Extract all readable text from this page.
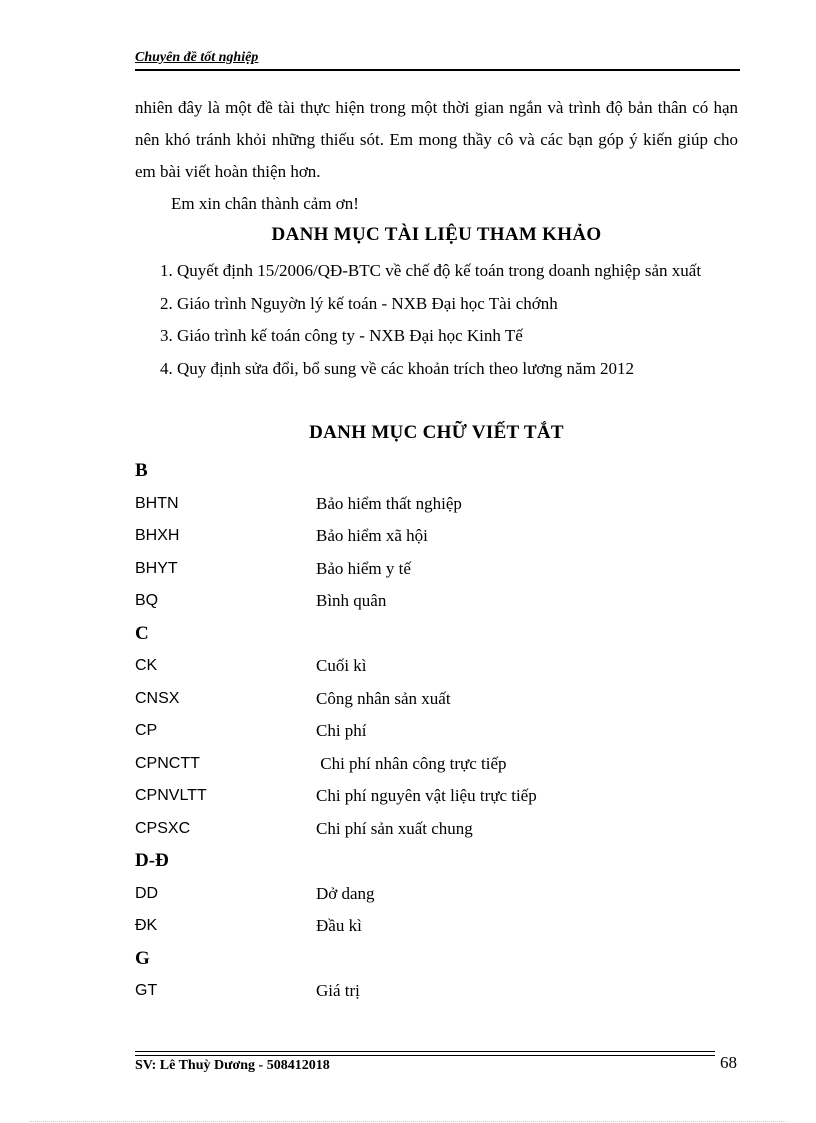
Chuyên đề tốt nghiệp

nhiên đây là một đề tài thực hiện trong một thời gian ngắn và trình độ bản thân có hạn nên khó tránh khỏi những thiếu sót. Em mong thầy cô và các bạn góp ý kiến giúp cho em bài viết hoàn thiện hơn.

Em xin chân thành cảm ơn!
DANH MỤC TÀI LIỆU THAM KHẢO
1. Quyết định 15/2006/QĐ-BTC về chế độ kế toán trong doanh nghiệp sản xuất
2. Giáo trình Nguyờn lý kế toán - NXB Đại học Tài chớnh
3. Giáo trình kế toán công ty - NXB Đại học Kinh Tế
4. Quy định sửa đổi, bổ sung về các khoản trích theo lương năm 2012
DANH MỤC CHỮ VIẾT TẮT
B
BHTN	Bảo hiểm thất nghiệp
BHXH	Bảo hiểm xã hội
BHYT	Bảo hiểm y tế
BQ	Bình quân
C
CK	Cuối kì
CNSX	Công nhân sản xuất
CP	Chi phí
CPNCTT	Chi phí nhân công trực tiếp
CPNVLTT	Chi phí nguyên vật liệu trực tiếp
CPSXC	Chi phí sản xuất chung
D-Đ
DD	Dở dang
ĐK	Đầu kì
G
GT	Giá trị
SV: Lê Thuỳ Dương - 508412018	68
